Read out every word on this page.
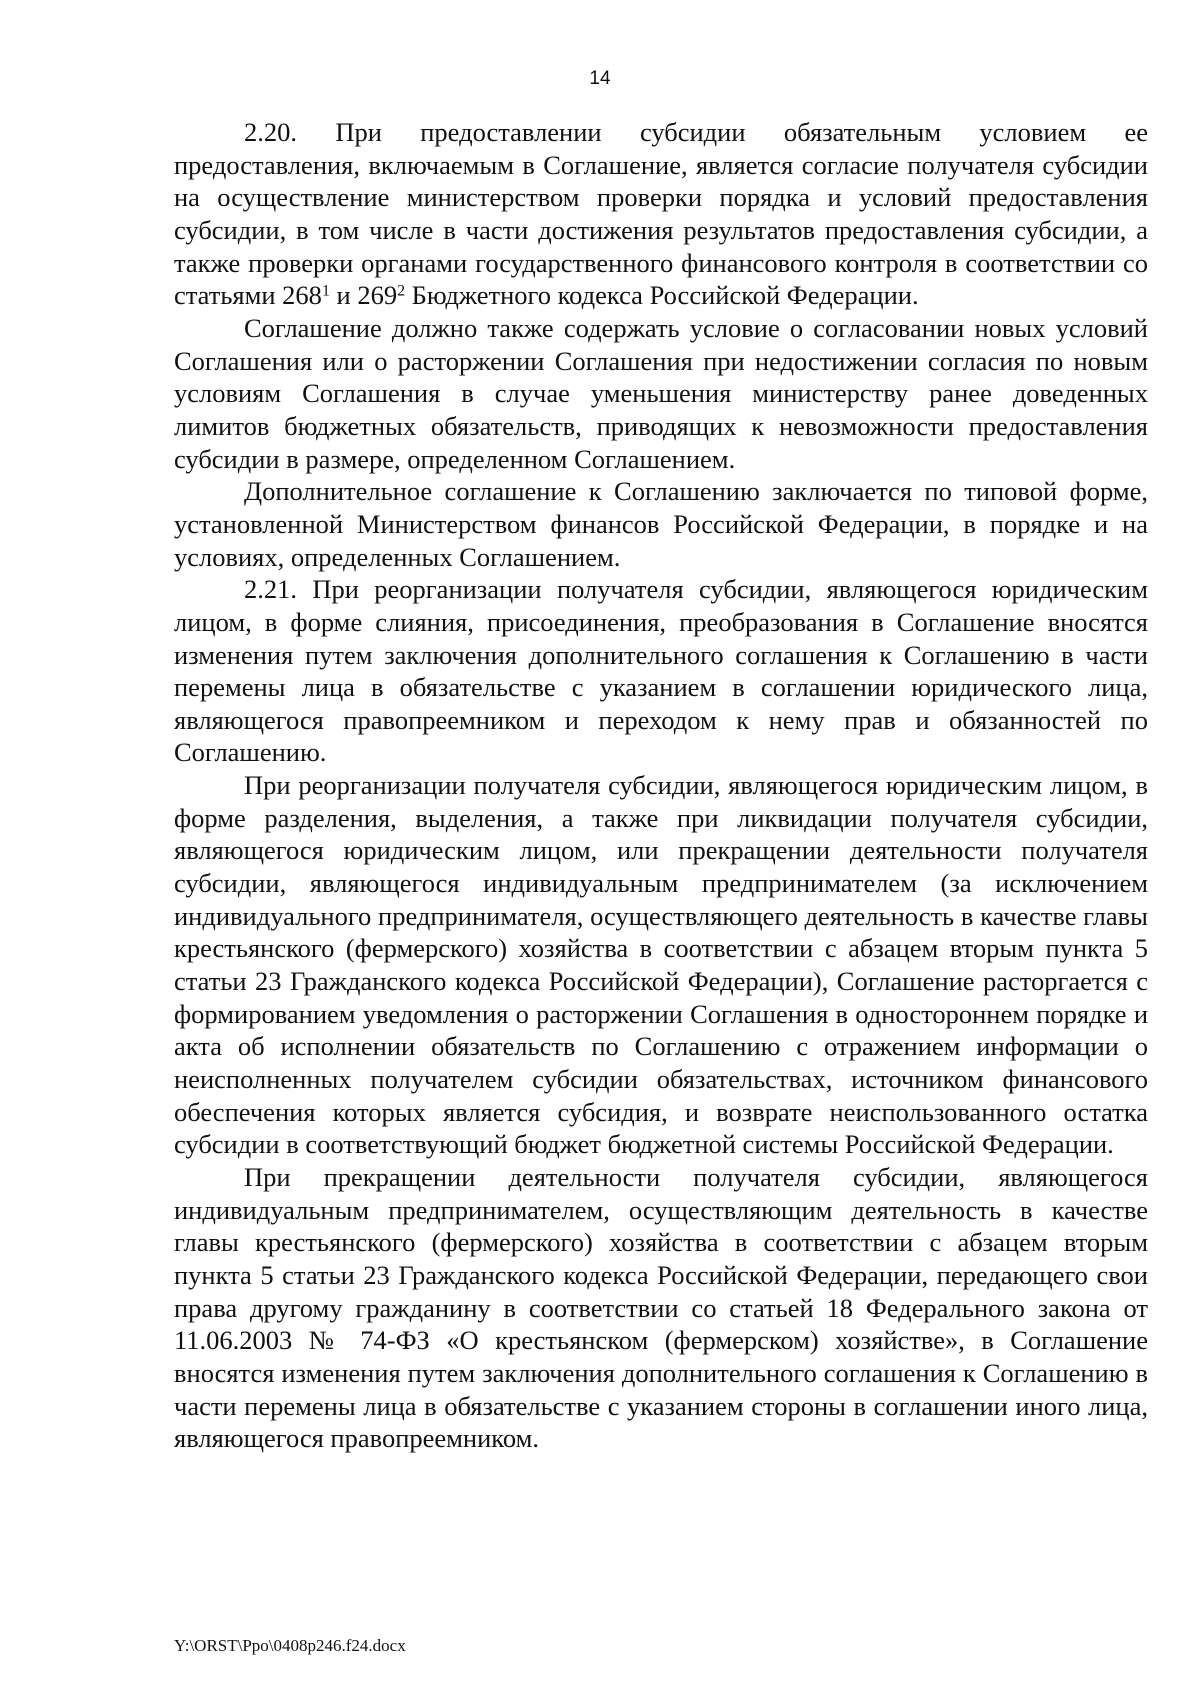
14

2.20. При предоставлении субсидии обязательным условием ее предоставления, включаемым в Соглашение, является согласие получателя субсидии на осуществление министерством проверки порядка и условий предоставления субсидии, в том числе в части достижения результатов предоставления субсидии, а также проверки органами государственного финансового контроля в соответствии со статьями $268^1$ и $269^2$ Бюджетного кодекса Российской Федерации.

Соглашение должно также содержать условие о согласовании новых условий Соглашения или о расторжении Соглашения при недостижении согласия по новым условиям Соглашения в случае уменьшения министерству ранее доведенных лимитов бюджетных обязательств, приводящих к невозможности предоставления субсидии в размере, определенном Соглашением.

Дополнительное соглашение к Соглашению заключается по типовой форме, установленной Министерством финансов Российской Федерации, в порядке и на условиях, определенных Соглашением.

2.21. При реорганизации получателя субсидии, являющегося юридическим лицом, в форме слияния, присоединения, преобразования в Соглашение вносятся изменения путем заключения дополнительного соглашения к Соглашению в части перемены лица в обязательстве с указанием в соглашении юридического лица, являющегося правопреемником и переходом к нему прав и обязанностей по Соглашению.

При реорганизации получателя субсидии, являющегося юридическим лицом, в форме разделения, выделения, а также при ликвидации получателя субсидии, являющегося юридическим лицом, или прекращении деятельности получателя субсидии, являющегося индивидуальным предпринимателем (за исключением индивидуального предпринимателя, осуществляющего деятельность в качестве главы крестьянского (фермерского) хозяйства в соответствии с абзацем вторым пункта 5 статьи 23 Гражданского кодекса Российской Федерации), Соглашение расторгается с формированием уведомления о расторжении Соглашения в одностороннем порядке и акта об исполнении обязательств по Соглашению с отражением информации о неисполненных получателем субсидии обязательствах, источником финансового обеспечения которых является субсидия, и возврате неиспользованного остатка субсидии в соответствующий бюджет бюджетной системы Российской Федерации.

При прекращении деятельности получателя субсидии, являющегося индивидуальным предпринимателем, осуществляющим деятельность в качестве главы крестьянского (фермерского) хозяйства в соответствии с абзацем вторым пункта 5 статьи 23 Гражданского кодекса Российской Федерации, передающего свои права другому гражданину в соответствии со статьей 18 Федерального закона от 11.06.2003 № 74-ФЗ «О крестьянском (фермерском) хозяйстве», в Соглашение вносятся изменения путем заключения дополнительного соглашения к Соглашению в части перемены лица в обязательстве с указанием стороны в соглашении иного лица, являющегося правопреемником.

Y:\ORST\Ppo\0408p246.f24.docx
